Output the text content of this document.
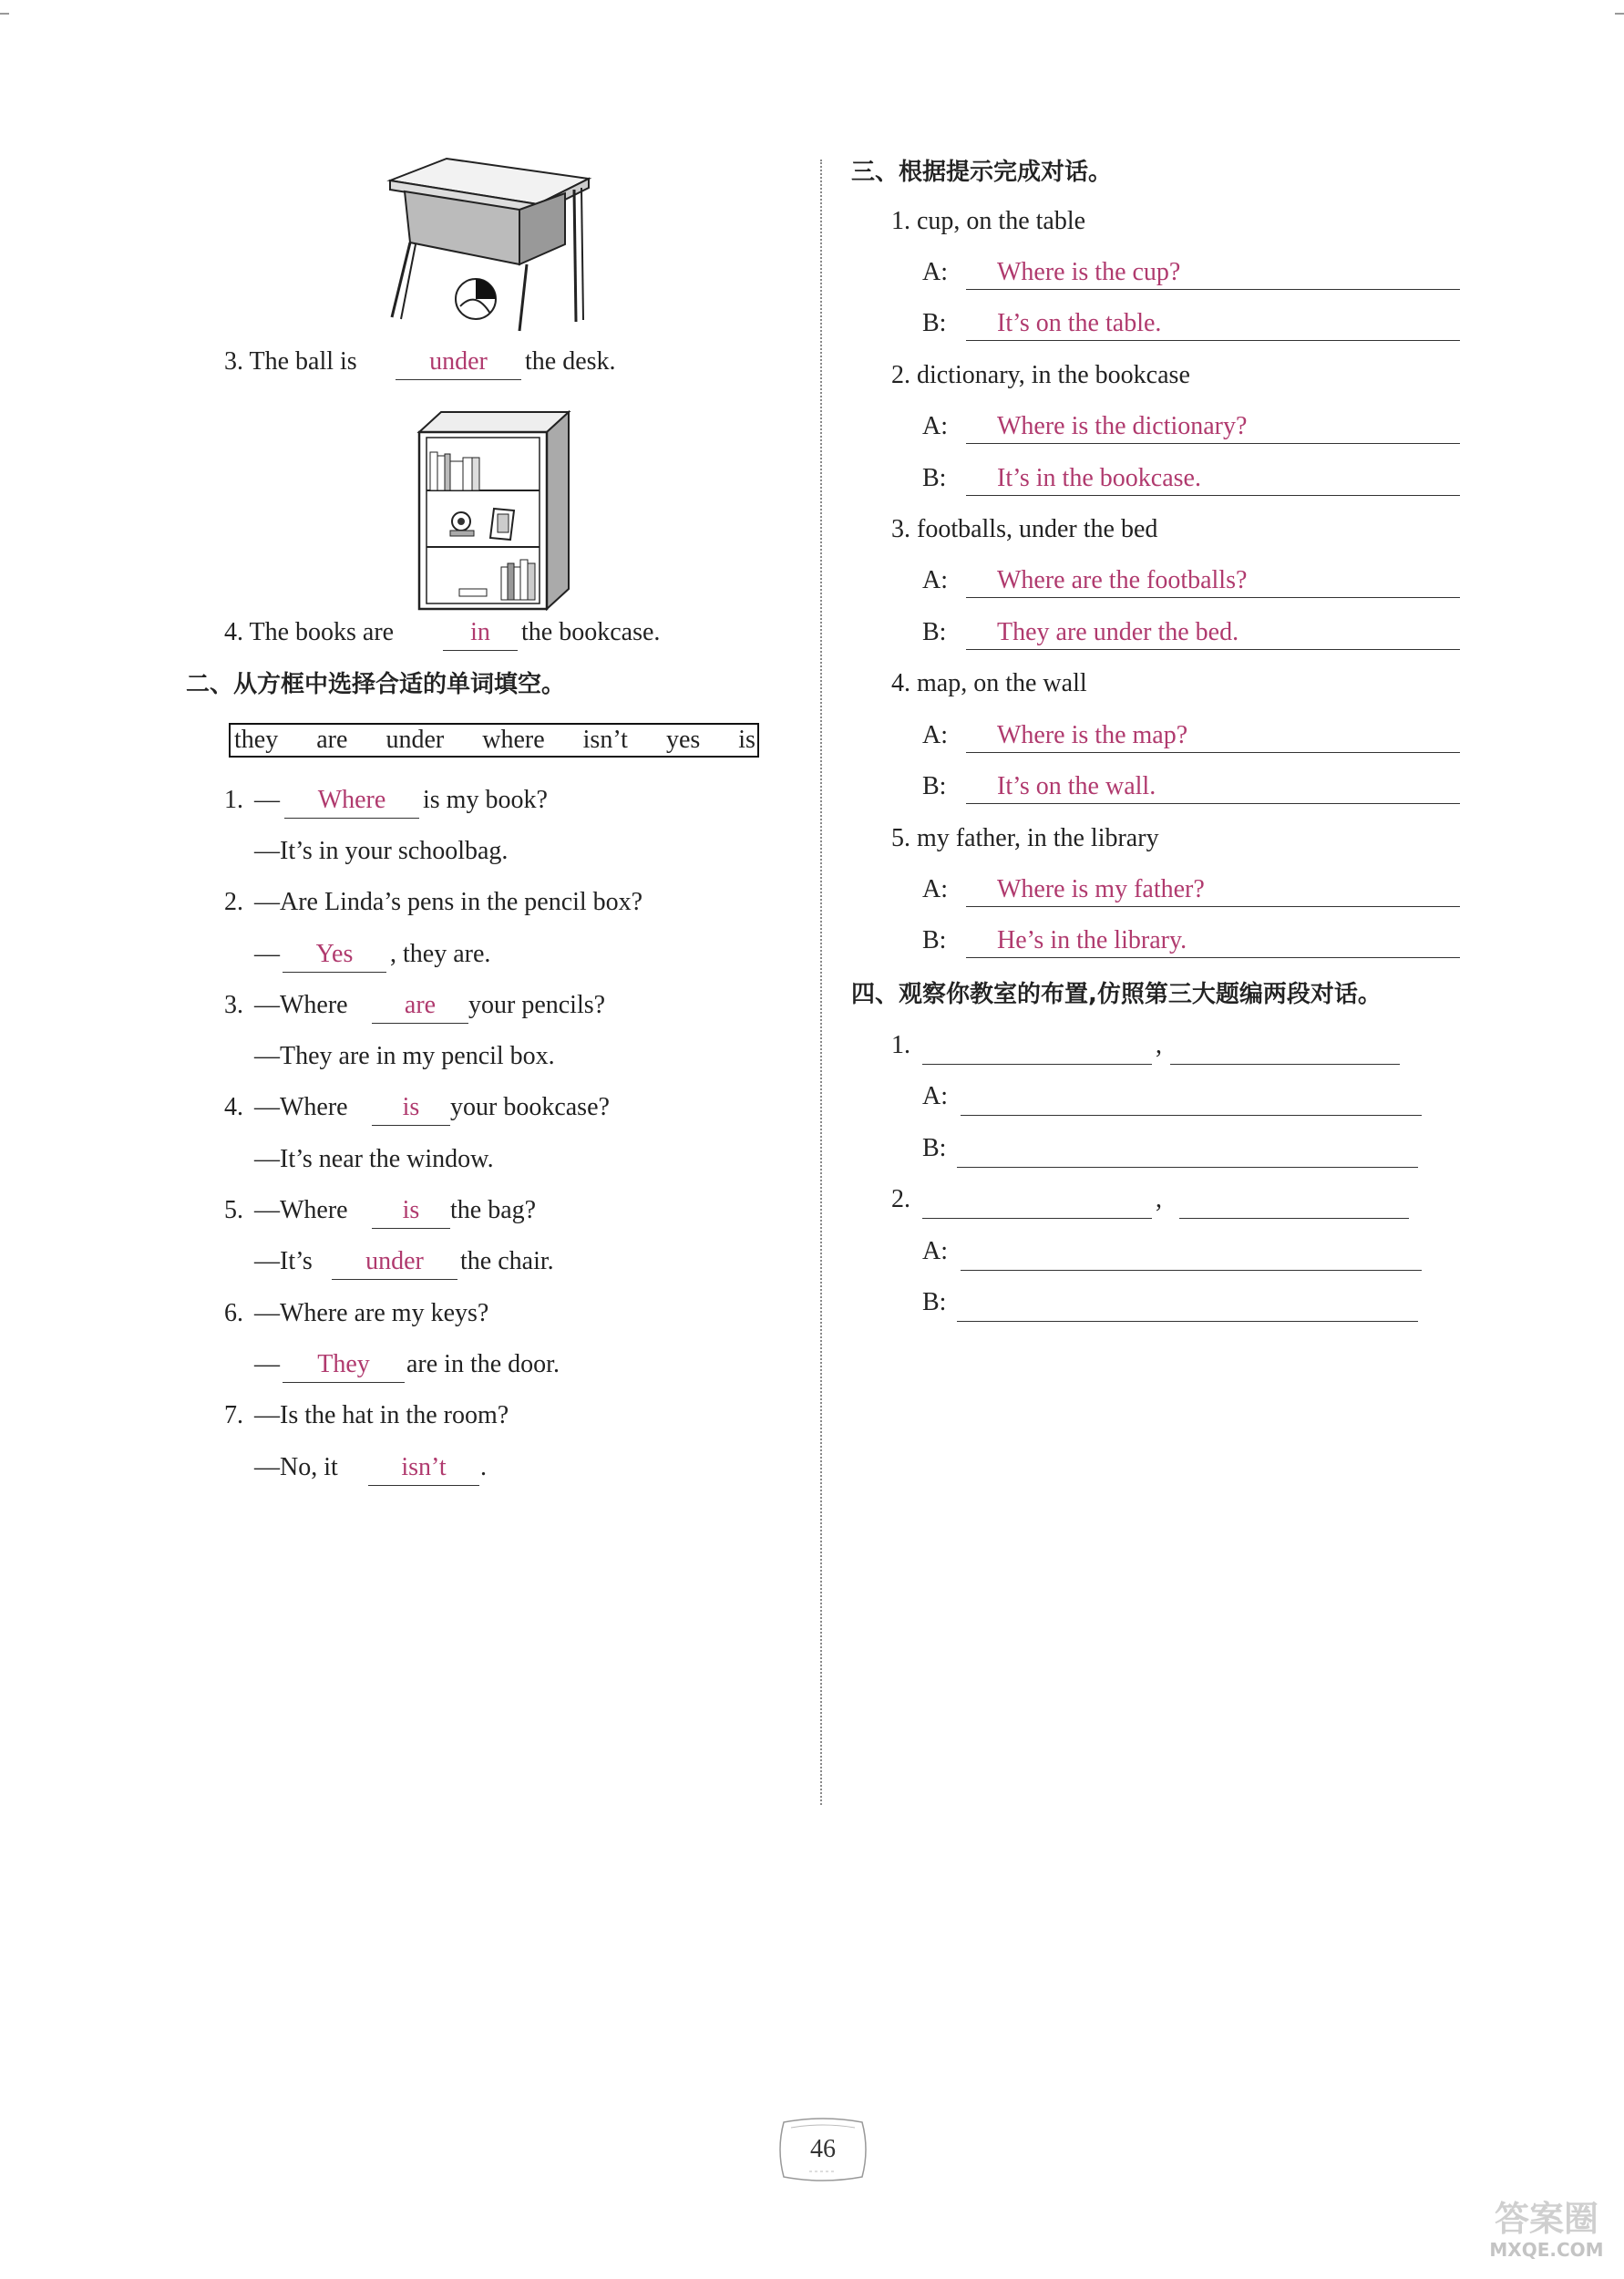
3. The ball is	under	the desk.
4. The books are	in	the bookcase.
二、从方框中选择合适的单词填空。
they are under where isn’t yes is
1. —	Where	is my book?
—It’s in your schoolbag.
2. —Are Linda’s pens in the pencil box?
—	Yes	, they are.
3. —Where	are	your pencils?
—They are in my pencil box.
4. —Where	is	your bookcase?
—It’s near the window.
5. —Where	is	the bag?
—It’s	under	the chair.
6. —Where are my keys?
—	They	are in the door.
7. —Is the hat in the room?
—No, it	isn’t	.
三、根据提示完成对话。
1. cup, on the table
A:	Where is the cup?
B:	It’s on the table.
2. dictionary, in the bookcase
A:	Where is the dictionary?
B:	It’s in the bookcase.
3. footballs, under the bed
A:	Where are the footballs?
B:	They are under the bed.
4. map, on the wall
A:	Where is the map?
B:	It’s on the wall.
5. my father, in the library
A:	Where is my father?
B:	He’s in the library.
四、观察你教室的布置,仿照第三大题编两段对话。
1.	,
A:
B:
2.	,
A:
B:
46
答案圈
MXQE.COM
